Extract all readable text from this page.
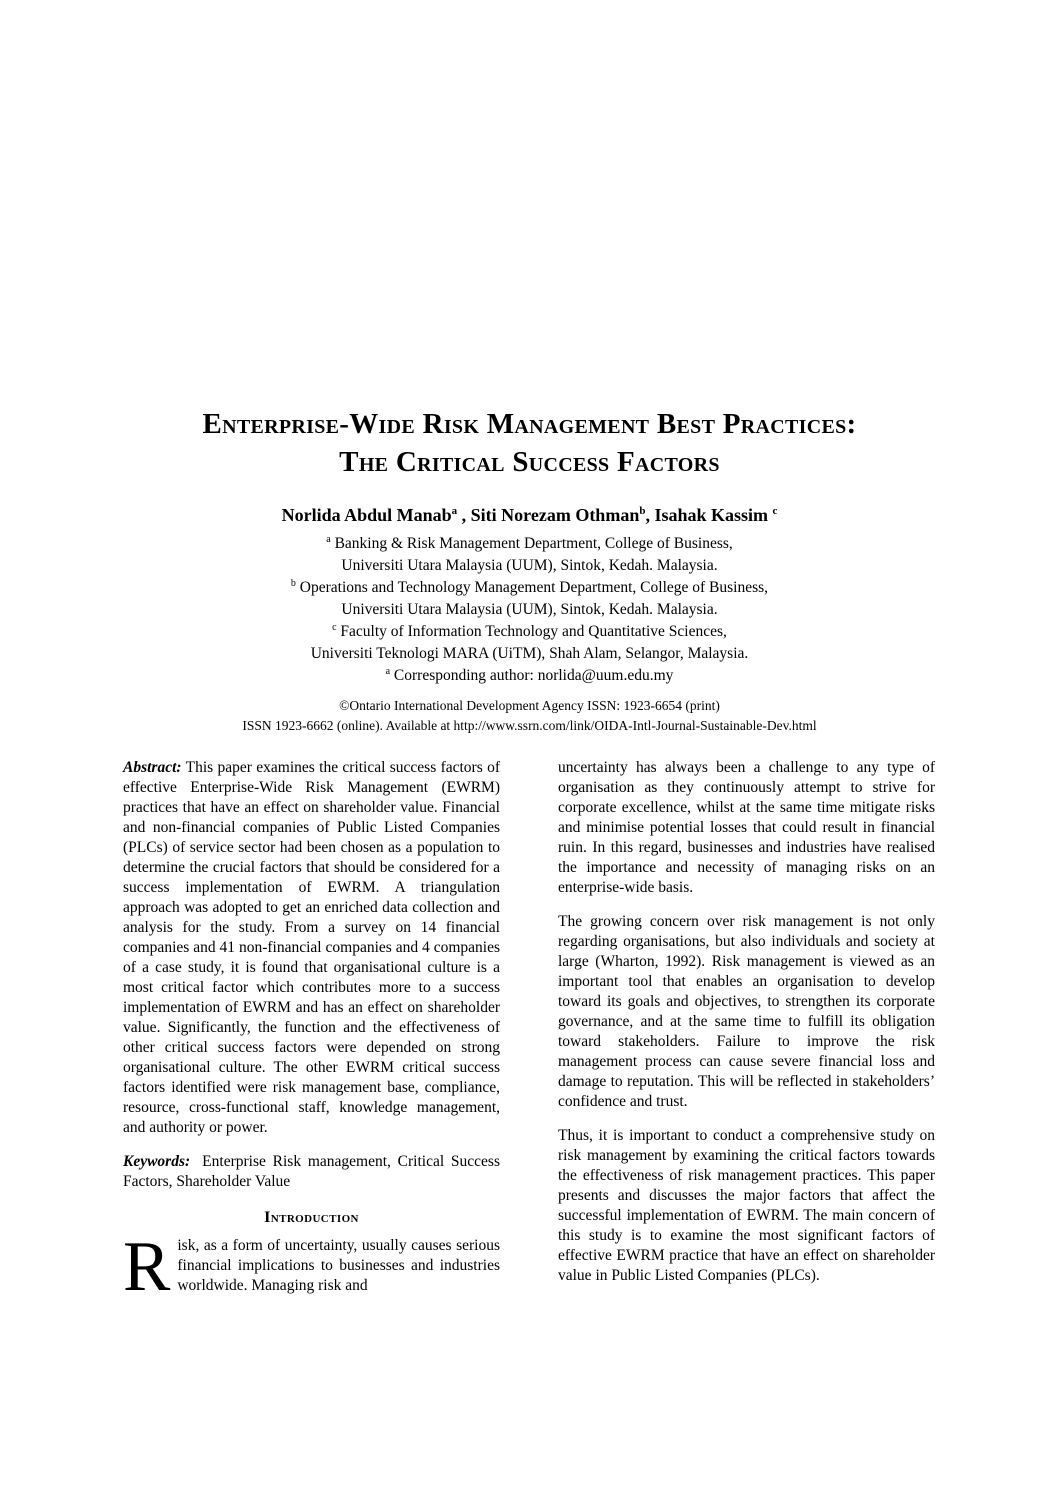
Enterprise-Wide Risk Management Best Practices:
The Critical Success Factors
Norlida Abdul Manab$^a$ , Siti Norezam Othman$^b$, Isahak Kassim $^c$
$^a$ Banking & Risk Management Department, College of Business,
Universiti Utara Malaysia (UUM), Sintok, Kedah. Malaysia.
$^b$ Operations and Technology Management Department, College of Business,
Universiti Utara Malaysia (UUM), Sintok, Kedah. Malaysia.
$^c$ Faculty of Information Technology and Quantitative Sciences,
Universiti Teknologi MARA (UiTM), Shah Alam, Selangor, Malaysia.
$^a$ Corresponding author: norlida@uum.edu.my
©Ontario International Development Agency ISSN: 1923-6654 (print)
ISSN 1923-6662 (online). Available at http://www.ssrn.com/link/OIDA-Intl-Journal-Sustainable-Dev.html

Abstract: This paper examines the critical success factors of effective Enterprise-Wide Risk Management (EWRM) practices that have an effect on shareholder value. Financial and non-financial companies of Public Listed Companies (PLCs) of service sector had been chosen as a population to determine the crucial factors that should be considered for a success implementation of EWRM. A triangulation approach was adopted to get an enriched data collection and analysis for the study. From a survey on 14 financial companies and 41 non-financial companies and 4 companies of a case study, it is found that organisational culture is a most critical factor which contributes more to a success implementation of EWRM and has an effect on shareholder value. Significantly, the function and the effectiveness of other critical success factors were depended on strong organisational culture. The other EWRM critical success factors identified were risk management base, compliance, resource, cross-functional staff, knowledge management, and authority or power.

Keywords: Enterprise Risk management, Critical Success Factors, Shareholder Value

Introduction

Risk, as a form of uncertainty, usually causes serious financial implications to businesses and industries worldwide. Managing risk and

uncertainty has always been a challenge to any type of organisation as they continuously attempt to strive for corporate excellence, whilst at the same time mitigate risks and minimise potential losses that could result in financial ruin. In this regard, businesses and industries have realised the importance and necessity of managing risks on an enterprise-wide basis.

The growing concern over risk management is not only regarding organisations, but also individuals and society at large (Wharton, 1992). Risk management is viewed as an important tool that enables an organisation to develop toward its goals and objectives, to strengthen its corporate governance, and at the same time to fulfill its obligation toward stakeholders. Failure to improve the risk management process can cause severe financial loss and damage to reputation. This will be reflected in stakeholders’ confidence and trust.

Thus, it is important to conduct a comprehensive study on risk management by examining the critical factors towards the effectiveness of risk management practices. This paper presents and discusses the major factors that affect the successful implementation of EWRM. The main concern of this study is to examine the most significant factors of effective EWRM practice that have an effect on shareholder value in Public Listed Companies (PLCs).
